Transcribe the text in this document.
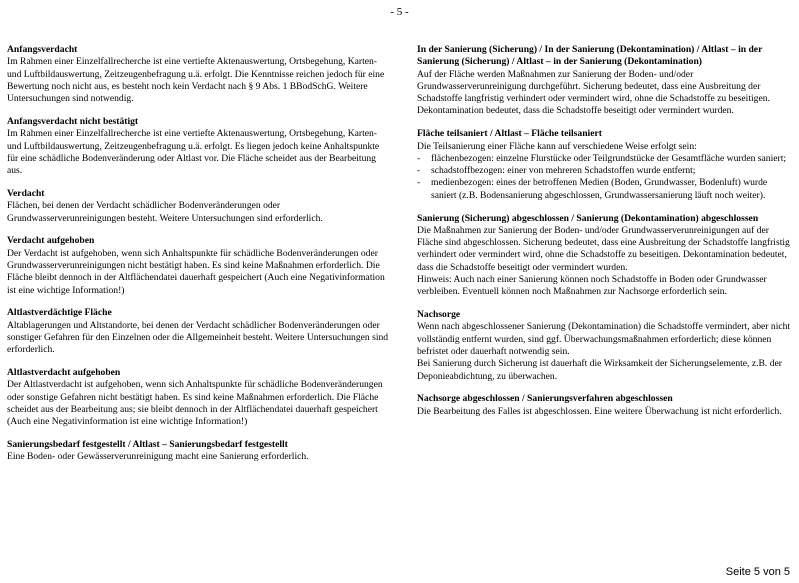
- 5 -
Anfangsverdacht

Im Rahmen einer Einzelfallrecherche ist eine vertiefte Aktenauswertung, Ortsbegehung, Karten- und Luftbildauswertung, Zeitzeugenbefragung u.ä. erfolgt. Die Kenntnisse reichen jedoch für eine Bewertung noch nicht aus, es besteht noch kein Verdacht nach § 9 Abs. 1 BBodSchG. Weitere Untersuchungen sind notwendig.

Anfangsverdacht nicht bestätigt

Im Rahmen einer Einzelfallrecherche ist eine vertiefte Aktenauswertung, Ortsbegehung, Karten- und Luftbildauswertung, Zeitzeugenbefragung u.ä. erfolgt. Es liegen jedoch keine Anhaltspunkte für eine schädliche Bodenveränderung oder Altlast vor. Die Fläche scheidet aus der Bearbeitung aus.

Verdacht

Flächen, bei denen der Verdacht schädlicher Bodenveränderungen oder Grundwasserverunreinigungen besteht. Weitere Untersuchungen sind erforderlich.

Verdacht aufgehoben

Der Verdacht ist aufgehoben, wenn sich Anhaltspunkte für schädliche Bodenveränderungen oder Grundwasserverunreinigungen nicht bestätigt haben. Es sind keine Maßnahmen erforderlich. Die Fläche bleibt dennoch in der Altflächendatei dauerhaft gespeichert (Auch eine Negativinformation ist eine wichtige Information!)

Altlastverdächtige Fläche

Altablagerungen und Altstandorte, bei denen der Verdacht schädlicher Bodenveränderungen oder sonstiger Gefahren für den Einzelnen oder die Allgemeinheit besteht. Weitere Untersuchungen sind erforderlich.

Altlastverdacht aufgehoben

Der Altlastverdacht ist aufgehoben, wenn sich Anhaltspunkte für schädliche Bodenveränderungen oder sonstige Gefahren nicht bestätigt haben. Es sind keine Maßnahmen erforderlich. Die Fläche scheidet aus der Bearbeitung aus; sie bleibt dennoch in der Altflächendatei dauerhaft gespeichert (Auch eine Negativinformation ist eine wichtige Information!)

Sanierungsbedarf festgestellt / Altlast – Sanierungsbedarf festgestellt

Eine Boden- oder Gewässerverunreinigung macht eine Sanierung erforderlich.

In der Sanierung (Sicherung) / In der Sanierung (Dekontamination) / Altlast – in der Sanierung (Sicherung) / Altlast – in der Sanierung (Dekontamination)

Auf der Fläche werden Maßnahmen zur Sanierung der Boden- und/oder Grundwasserverunreinigung durchgeführt. Sicherung bedeutet, dass eine Ausbreitung der Schadstoffe langfristig verhindert oder vermindert wird, ohne die Schadstoffe zu beseitigen. Dekontamination bedeutet, dass die Schadstoffe beseitigt oder vermindert wurden.

Fläche teilsaniert / Altlast – Fläche teilsaniert

Die Teilsanierung einer Fläche kann auf verschiedene Weise erfolgt sein:

- flächenbezogen: einzelne Flurstücke oder Teilgrundstücke der Gesamtfläche wurden saniert;
- schadstoffbezogen: einer von mehreren Schadstoffen wurde entfernt;
- medienbezogen: eines der betroffenen Medien (Boden, Grundwasser, Bodenluft) wurde saniert (z.B. Bodensanierung abgeschlossen, Grundwassersanierung läuft noch weiter).
Sanierung (Sicherung) abgeschlossen / Sanierung (Dekontamination) abgeschlossen

Die Maßnahmen zur Sanierung der Boden- und/oder Grundwasserverunreinigungen auf der Fläche sind abgeschlossen. Sicherung bedeutet, dass eine Ausbreitung der Schadstoffe langfristig verhindert oder vermindert wird, ohne die Schadstoffe zu beseitigen. Dekontamination bedeutet, dass die Schadstoffe beseitigt oder vermindert wurden.

Hinweis: Auch nach einer Sanierung können noch Schadstoffe in Boden oder Grundwasser verbleiben. Eventuell können noch Maßnahmen zur Nachsorge erforderlich sein.

Nachsorge

Wenn nach abgeschlossener Sanierung (Dekontamination) die Schadstoffe vermindert, aber nicht vollständig entfernt wurden, sind ggf. Überwachungsmaßnahmen erforderlich; diese können befristet oder dauerhaft notwendig sein.

Bei Sanierung durch Sicherung ist dauerhaft die Wirksamkeit der Sicherungselemente, z.B. der Deponieabdichtung, zu überwachen.

Nachsorge abgeschlossen / Sanierungsverfahren abgeschlossen

Die Bearbeitung des Falles ist abgeschlossen. Eine weitere Überwachung ist nicht erforderlich.

Seite 5 von 5
